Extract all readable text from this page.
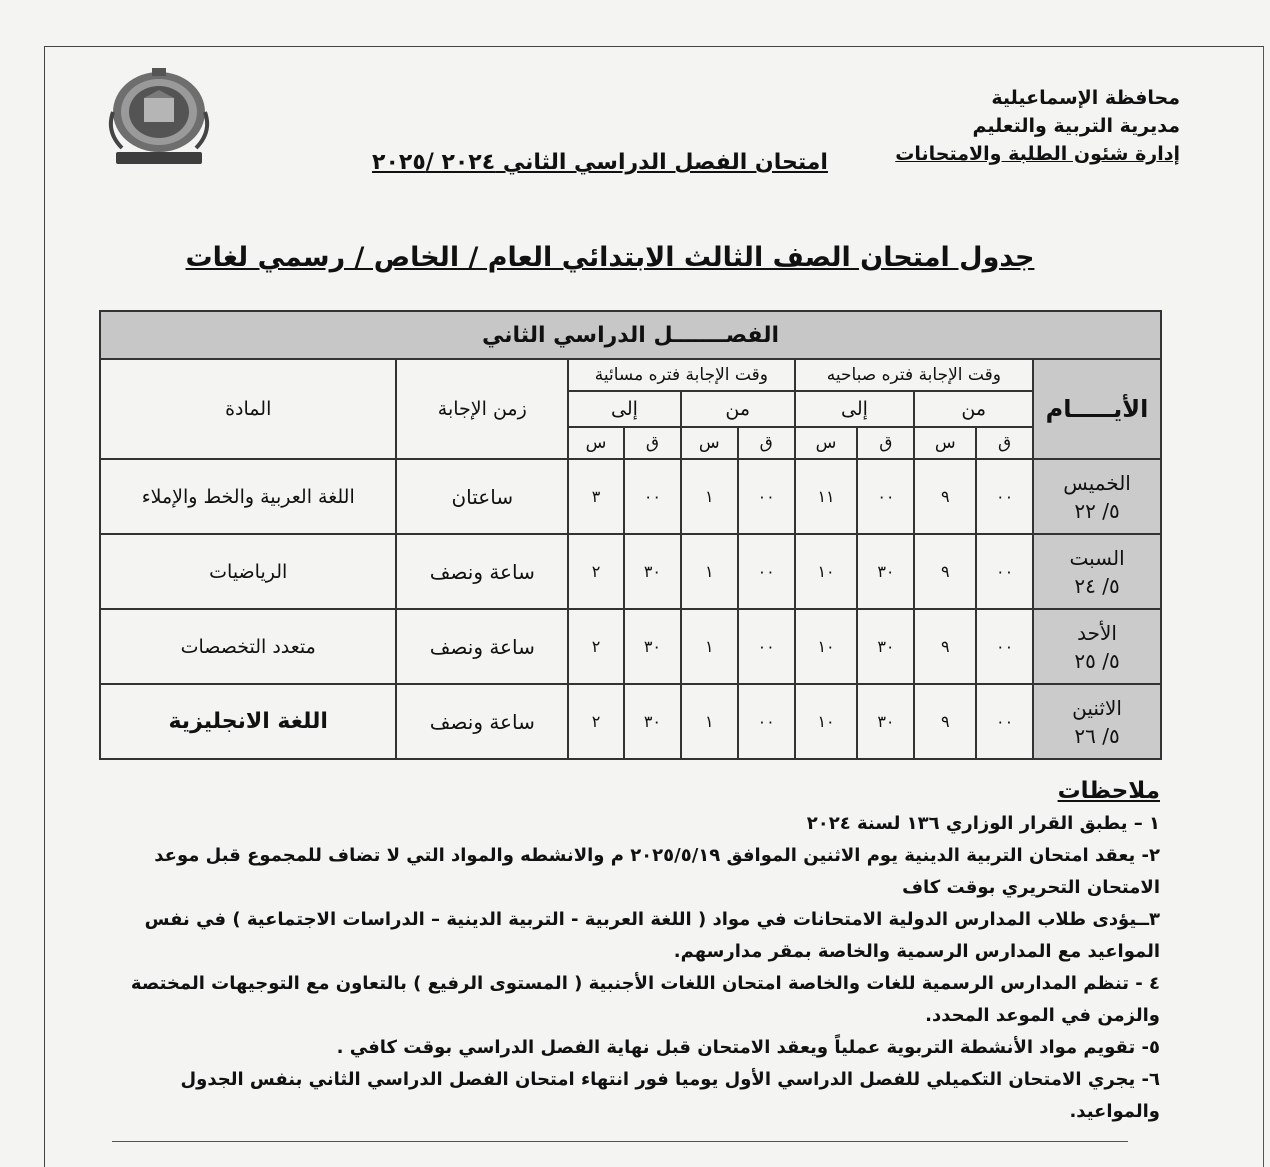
محافظة الإسماعيلية
مديرية التربية والتعليم
إدارة شئون الطلبة والامتحانات
امتحان الفصل الدراسي الثاني ٢٠٢٤ /٢٠٢٥
جدول امتحان الصف الثالث الابتدائي العام / الخاص / رسمي لغات
الفصـــــــل الدراسي الثاني										
الأيـــــام	وقت الإجابة فتره صباحيه				وقت الإجابة فتره مسائية				زمن الإجابة	المادة
	من		إلى		من		إلى			
	ق	س	ق	س	ق	س	ق	س		

الخميس
٥/ ٢٢	٠٠	٩	٠٠	١١	٠٠	١	٠٠	٣	ساعتان	اللغة العربية والخط والإملاء

السبت
٥/ ٢٤	٠٠	٩	٣٠	١٠	٠٠	١	٣٠	٢	ساعة ونصف	الرياضيات

الأحد
٥/ ٢٥	٠٠	٩	٣٠	١٠	٠٠	١	٣٠	٢	ساعة ونصف	متعدد التخصصات

الاثنين
٥/ ٢٦	٠٠	٩	٣٠	١٠	٠٠	١	٣٠	٢	ساعة ونصف	اللغة الانجليزية
ملاحظات
١ – يطبق القرار الوزاري ١٣٦ لسنة ٢٠٢٤
٢- يعقد امتحان التربية الدينية يوم الاثنين الموافق ٢٠٢٥/٥/١٩ م والانشطه والمواد التي لا تضاف للمجموع قبل موعد الامتحان التحريري بوقت كاف
٣ــيؤدى طلاب المدارس الدولية الامتحانات في مواد ( اللغة العربية - التربية الدينية – الدراسات الاجتماعية ) في نفس المواعيد مع المدارس الرسمية والخاصة بمقر مدارسهم.
٤ - تنظم المدارس الرسمية للغات والخاصة امتحان اللغات الأجنبية ( المستوى الرفيع ) بالتعاون مع التوجيهات المختصة والزمن في الموعد المحدد.
٥- تقويم مواد الأنشطة التربوية عملياً ويعقد الامتحان قبل نهاية الفصل الدراسي بوقت كافي .
٦- يجري الامتحان التكميلي للفصل الدراسي الأول يوميا فور انتهاء امتحان الفصل الدراسي الثاني بنفس الجدول والمواعيد.
